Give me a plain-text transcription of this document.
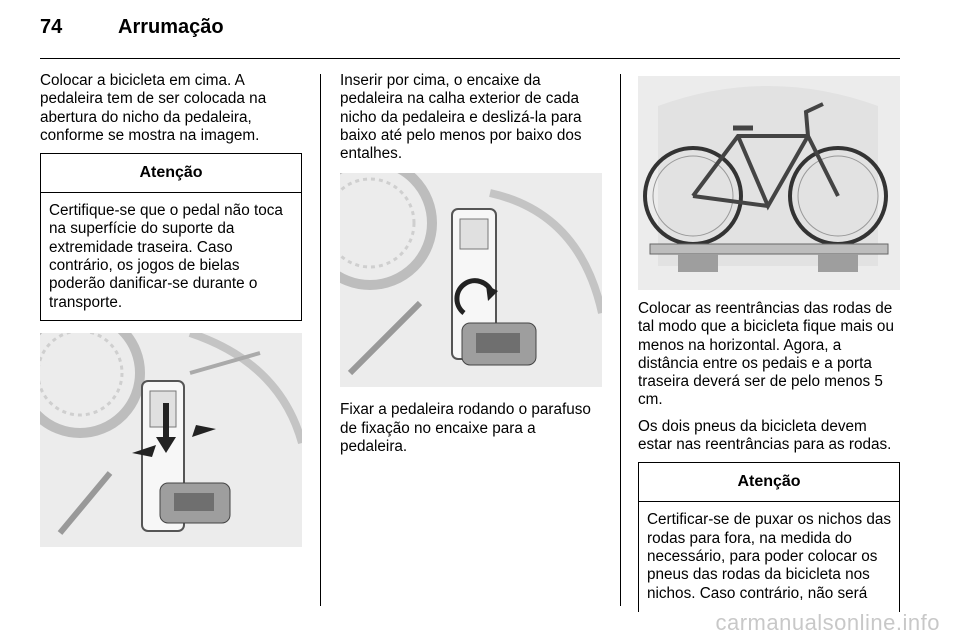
74	Arrumação

Colocar a bicicleta em cima. A pedaleira tem de ser colocada na abertura do nicho da pedaleira, conforme se mostra na imagem.

Atenção
Certifique-se que o pedal não toca na superfície do suporte da extremidade traseira. Caso contrário, os jogos de bielas poderão danificar-se durante o transporte.

Inserir por cima, o encaixe da pedaleira na calha exterior de cada nicho da pedaleira e deslizá-la para baixo até pelo menos por baixo dos entalhes.

Fixar a pedaleira rodando o parafuso de fixação no encaixe para a pedaleira.

Colocar as reentrâncias das rodas de tal modo que a bicicleta fique mais ou menos na horizontal. Agora, a distância entre os pedais e a porta traseira deverá ser de pelo menos 5 cm.

Os dois pneus da bicicleta devem estar nas reentrâncias para as rodas.

Atenção
Certificar-se de puxar os nichos das rodas para fora, na medida do necessário, para poder colocar os pneus das rodas da bicicleta nos nichos. Caso contrário, não será
carmanualsonline.info
